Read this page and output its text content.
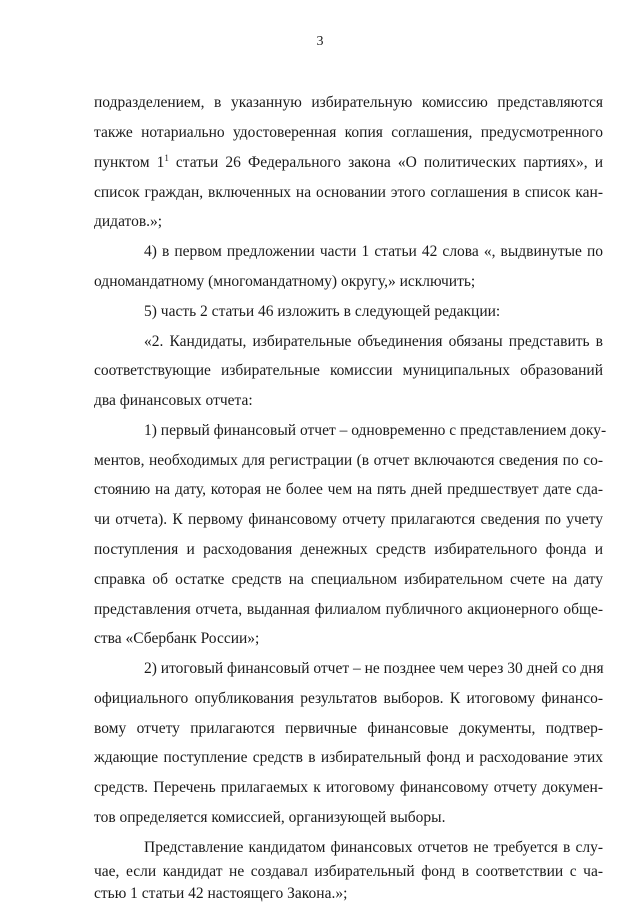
3
подразделением, в указанную избирательную комиссию представляются
также нотариально удостоверенная копия соглашения, предусмотренного
пунктом 1$^1$ статьи 26 Федерального закона «О политических партиях», и
список граждан, включенных на основании этого соглашения в список кан-
дидатов.»;
4) в первом предложении части 1 статьи 42 слова «, выдвинутые по
одномандатному (многомандатному) округу,» исключить;
5) часть 2 статьи 46 изложить в следующей редакции:
«2. Кандидаты, избирательные объединения обязаны представить в
соответствующие избирательные комиссии муниципальных образований
два финансовых отчета:
1) первый финансовый отчет – одновременно с представлением доку-
ментов, необходимых для регистрации (в отчет включаются сведения по со-
стоянию на дату, которая не более чем на пять дней предшествует дате сда-
чи отчета). К первому финансовому отчету прилагаются сведения по учету
поступления и расходования денежных средств избирательного фонда и
справка об остатке средств на специальном избирательном счете на дату
представления отчета, выданная филиалом публичного акционерного обще-
ства «Сбербанк России»;
2) итоговый финансовый отчет – не позднее чем через 30 дней со дня
официального опубликования результатов выборов. К итоговому финансо-
вому отчету прилагаются первичные финансовые документы, подтвер-
ждающие поступление средств в избирательный фонд и расходование этих
средств. Перечень прилагаемых к итоговому финансовому отчету докумен-
тов определяется комиссией, организующей выборы.
Представление кандидатом финансовых отчетов не требуется в слу-
чае, если кандидат не создавал избирательный фонд в соответствии с ча-
стью 1 статьи 42 настоящего Закона.»;
